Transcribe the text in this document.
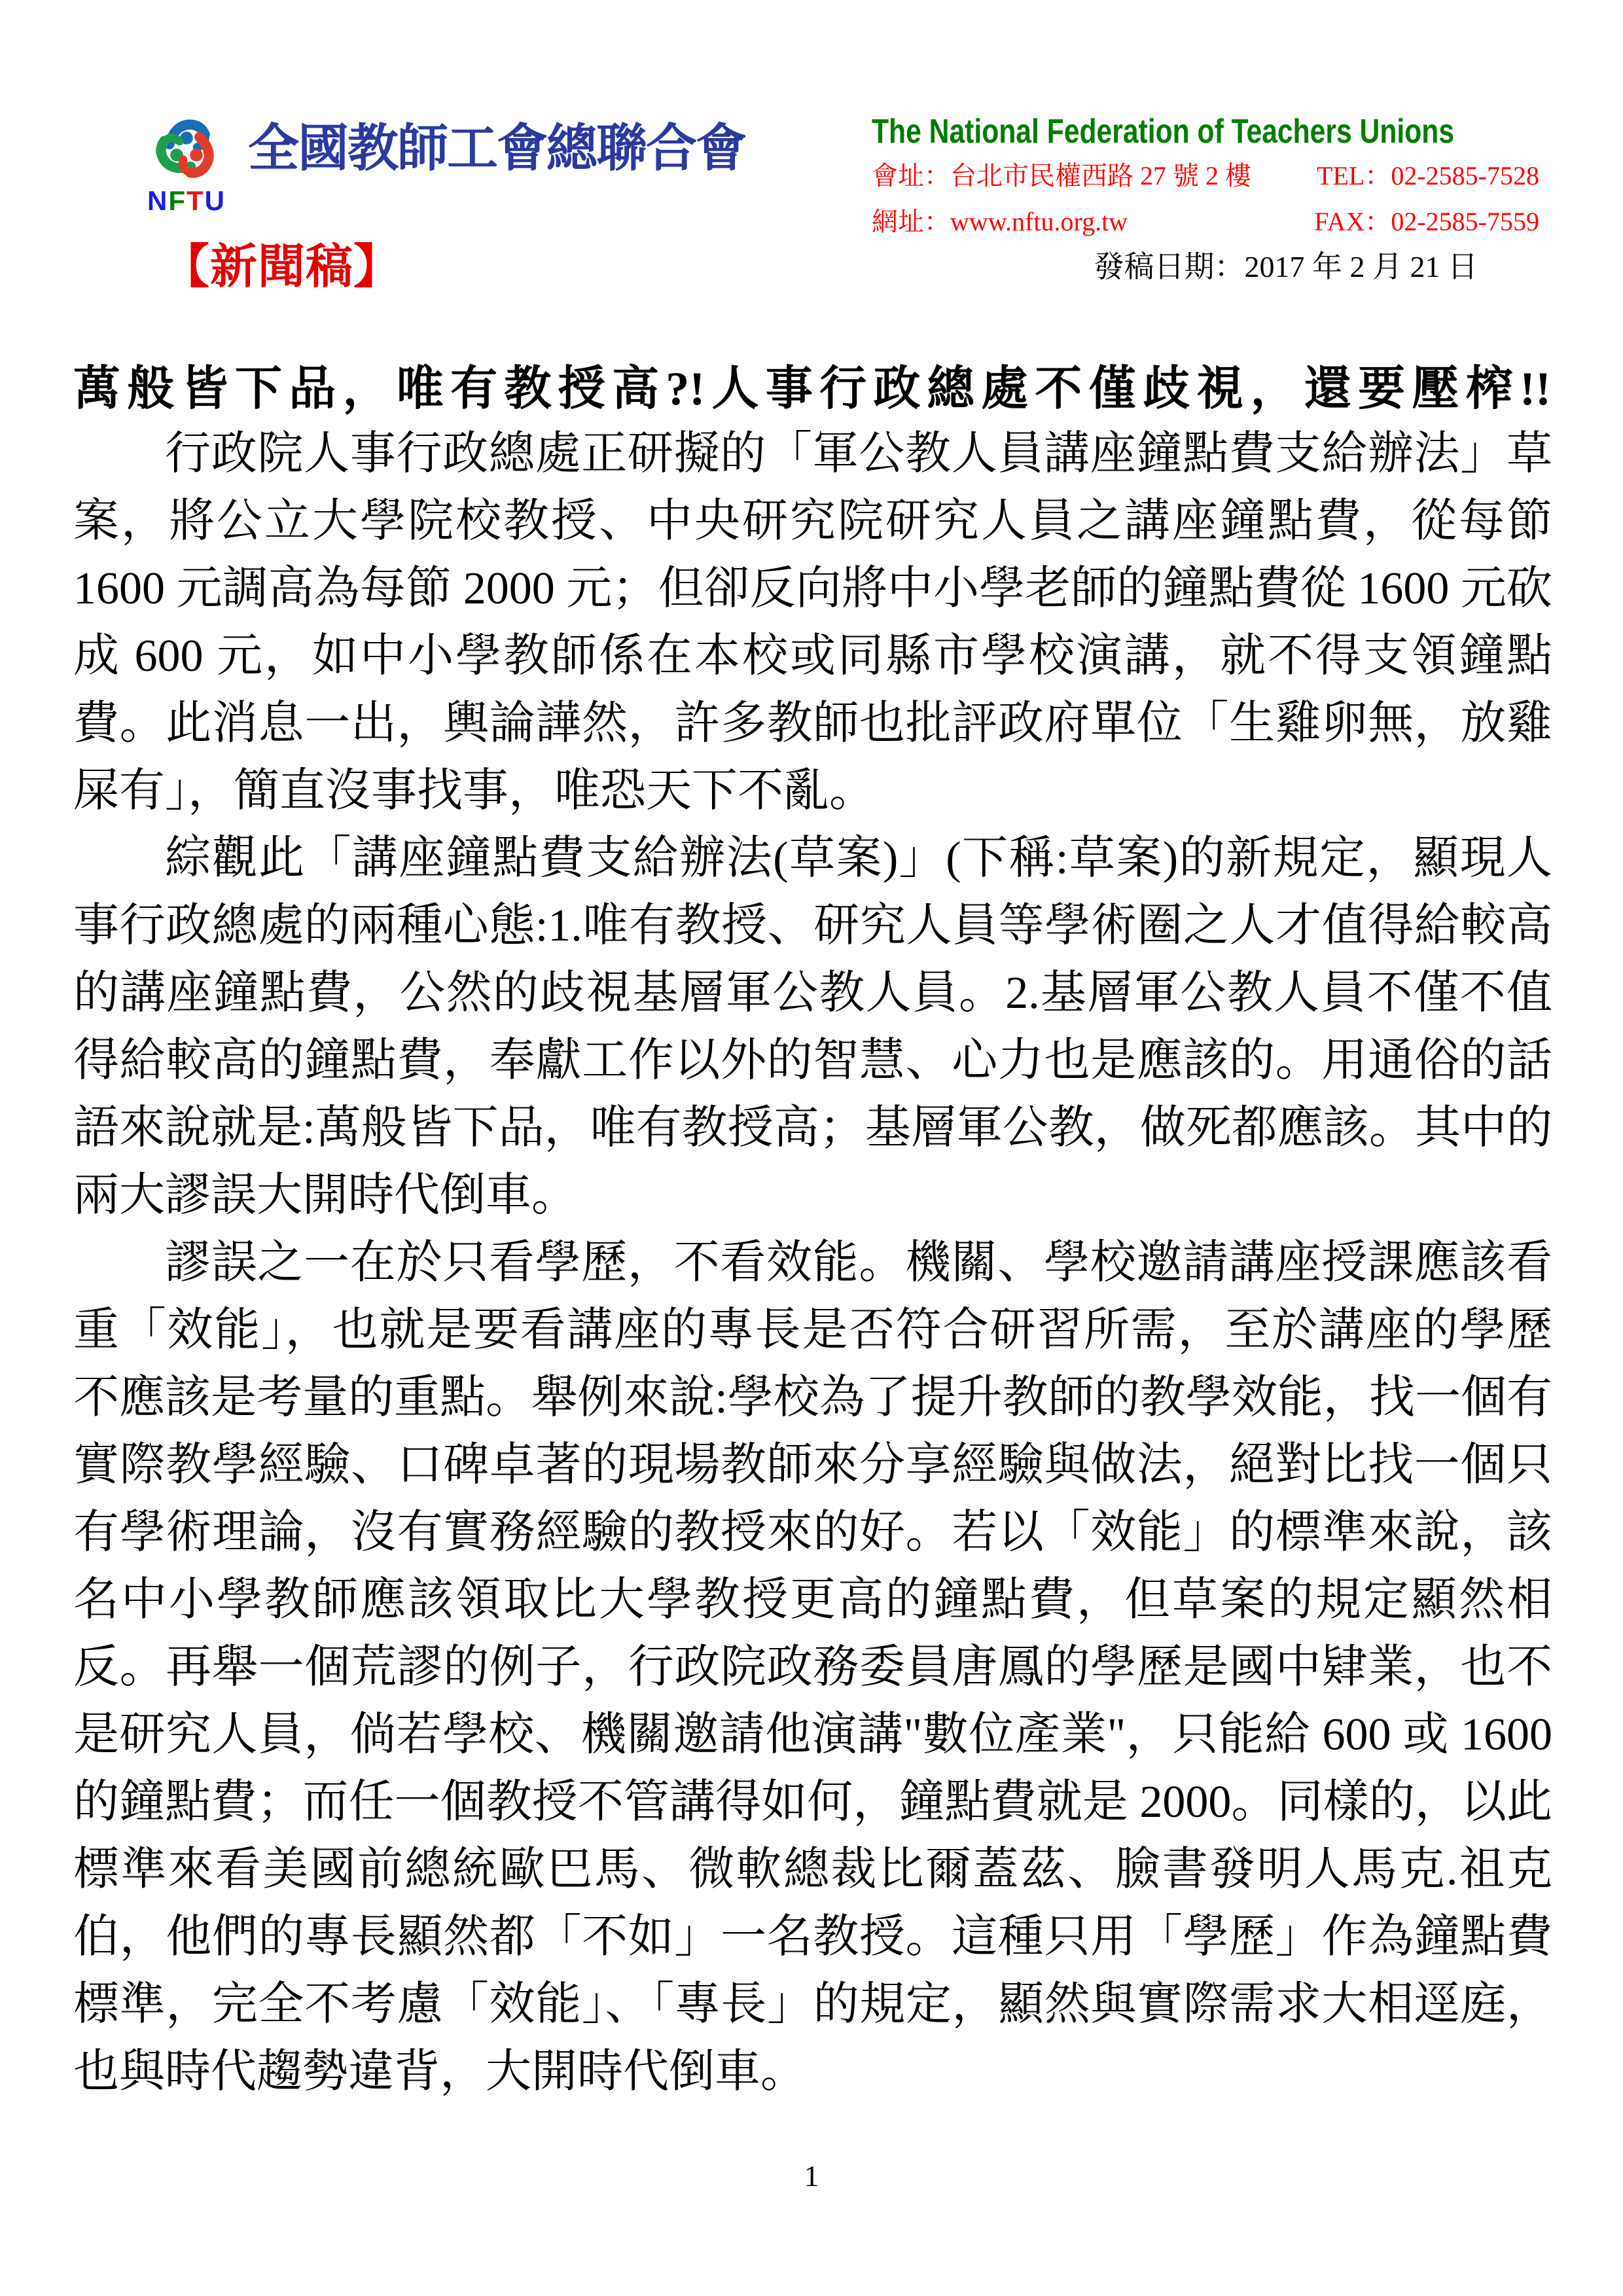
NFTU
全國教師工會總聯合會	The National Federation of Teachers Unions
會址：台北市民權西路 27 號 2 樓	TEL：02-2585-7528
網址：www.nftu.org.tw	FAX：02-2585-7559
【新聞稿】	發稿日期：2017 年 2 月 21 日
萬般皆下品，唯有教授高?!人事行政總處不僅歧視，還要壓榨!!

行政院人事行政總處正研擬的「軍公教人員講座鐘點費支給辦法」草案，將公立大學院校教授、中央研究院研究人員之講座鐘點費，從每節 1600 元調高為每節 2000 元；但卻反向將中小學老師的鐘點費從 1600 元砍成 600 元，如中小學教師係在本校或同縣市學校演講，就不得支領鐘點費。此消息一出，輿論譁然，許多教師也批評政府單位「生雞卵無，放雞屎有」，簡直沒事找事，唯恐天下不亂。

綜觀此「講座鐘點費支給辦法(草案)」(下稱:草案)的新規定，顯現人事行政總處的兩種心態:1.唯有教授、研究人員等學術圈之人才值得給較高的講座鐘點費，公然的歧視基層軍公教人員。2.基層軍公教人員不僅不值得給較高的鐘點費，奉獻工作以外的智慧、心力也是應該的。用通俗的話語來說就是:萬般皆下品，唯有教授高；基層軍公教，做死都應該。其中的兩大謬誤大開時代倒車。

謬誤之一在於只看學歷，不看效能。機關、學校邀請講座授課應該看重「效能」，也就是要看講座的專長是否符合研習所需，至於講座的學歷不應該是考量的重點。舉例來說:學校為了提升教師的教學效能，找一個有實際教學經驗、口碑卓著的現場教師來分享經驗與做法，絕對比找一個只有學術理論，沒有實務經驗的教授來的好。若以「效能」的標準來說，該名中小學教師應該領取比大學教授更高的鐘點費，但草案的規定顯然相反。再舉一個荒謬的例子，行政院政務委員唐鳳的學歷是國中肄業，也不是研究人員，倘若學校、機關邀請他演講"數位產業"，只能給 600 或 1600 的鐘點費；而任一個教授不管講得如何，鐘點費就是 2000。同樣的，以此標準來看美國前總統歐巴馬、微軟總裁比爾蓋茲、臉書發明人馬克.祖克伯，他們的專長顯然都「不如」一名教授。這種只用「學歷」作為鐘點費標準，完全不考慮「效能」、「專長」的規定，顯然與實際需求大相逕庭，也與時代趨勢違背，大開時代倒車。

1
